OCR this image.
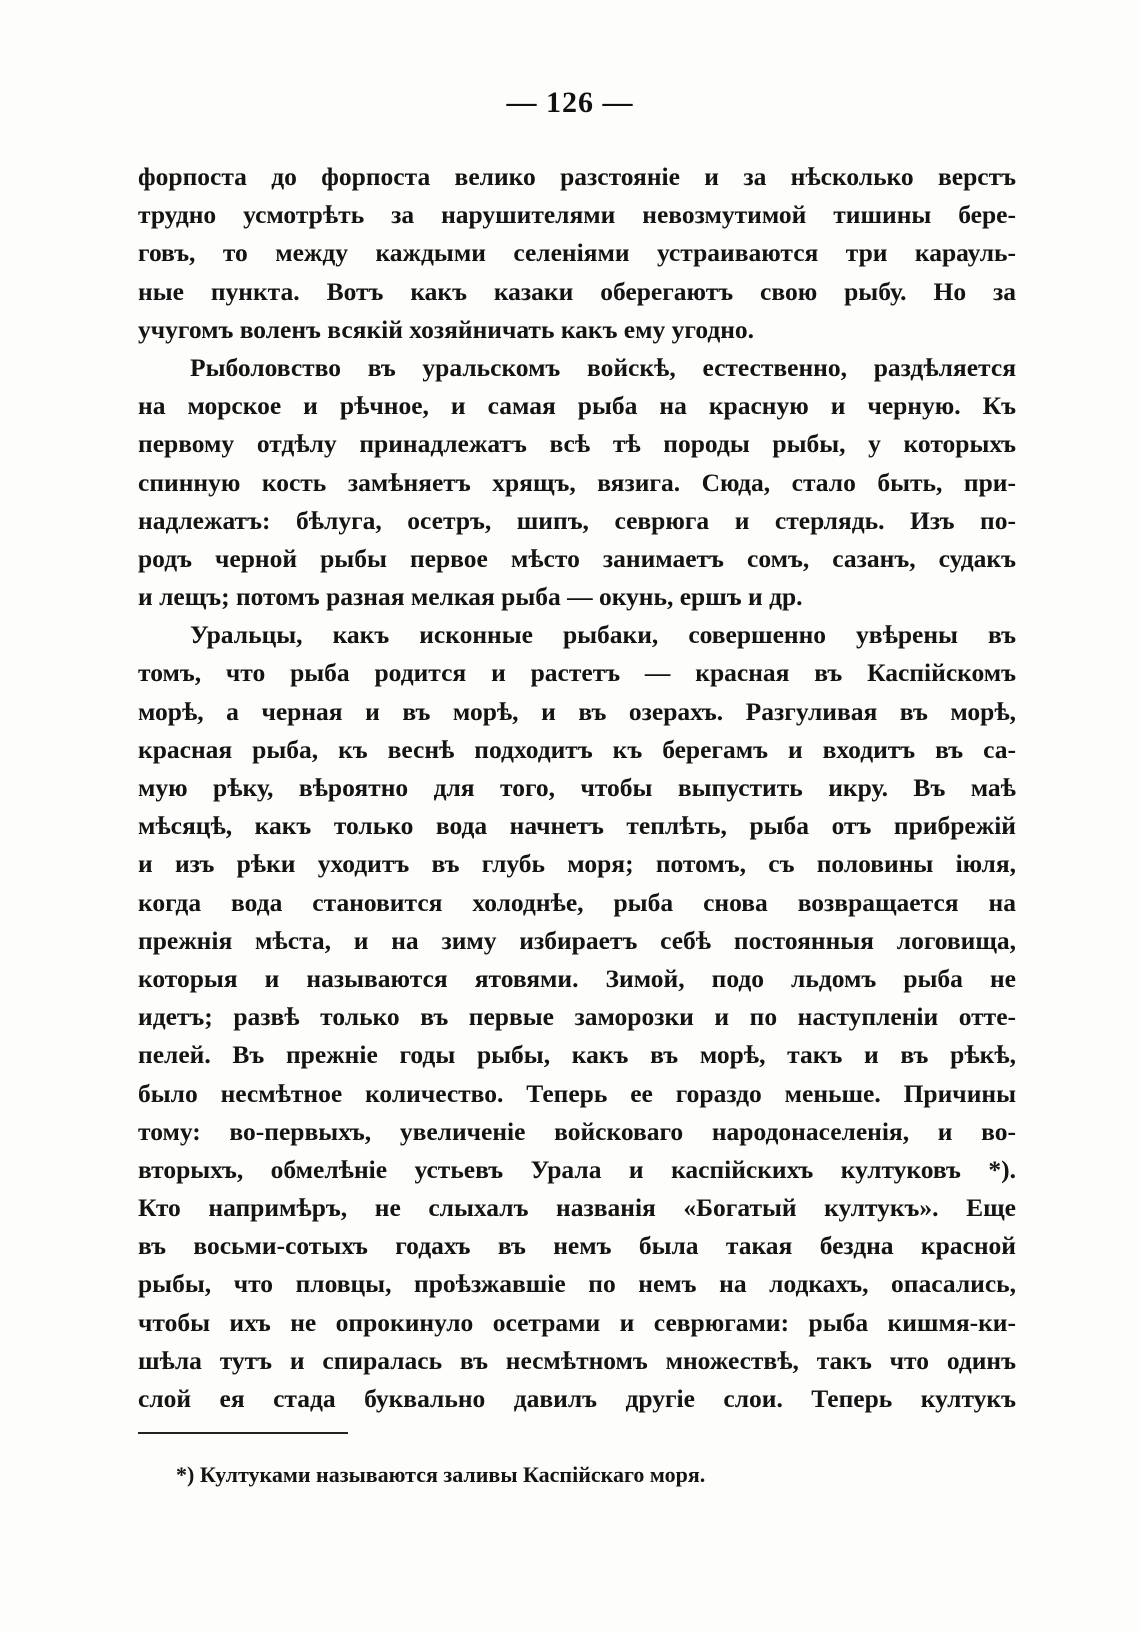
— 126 —
форпоста до форпоста велико разстоянiе и за нѣсколько верстъ
трудно усмотрѣть за нарушителями невозмутимой тишины бере-
говъ, то между каждыми селенiями устраиваются три карауль-
ные пункта. Вотъ какъ казаки оберегаютъ свою рыбу. Но за
учугомъ воленъ всякiй хозяйничать какъ ему угодно.
Рыболовство въ уральскомъ войскѣ, естественно, раздѣляется
на морское и рѣчное, и самая рыба на красную и черную. Къ
первому отдѣлу принадлежатъ всѣ тѣ породы рыбы, у которыхъ
спинную кость замѣняетъ хрящъ, вязига. Сюда, стало быть, при-
надлежатъ: бѣлуга, осетръ, шипъ, севрюга и стерлядь. Изъ по-
родъ черной рыбы первое мѣсто занимаетъ сомъ, сазанъ, судакъ
и лещъ; потомъ разная мелкая рыба — окунь, ершъ и др.
Уральцы, какъ исконные рыбаки, совершенно увѣрены въ
томъ, что рыба родится и растетъ — красная въ Каспiйскомъ
морѣ, а черная и въ морѣ, и въ озерахъ. Разгуливая въ морѣ,
красная рыба, къ веснѣ подходитъ къ берегамъ и входитъ въ са-
мую рѣку, вѣроятно для того, чтобы выпустить икру. Въ маѣ
мѣсяцѣ, какъ только вода начнетъ теплѣть, рыба отъ прибрежiй
и изъ рѣки уходитъ въ глубь моря; потомъ, съ половины iюля,
когда вода становится холоднѣе, рыба снова возвращается на
прежнiя мѣста, и на зиму избираетъ себѣ постоянныя логовища,
которыя и называются ятовями. Зимой, подо льдомъ рыба не
идетъ; развѣ только въ первые заморозки и по наступленiи отте-
пелей. Въ прежнiе годы рыбы, какъ въ морѣ, такъ и въ рѣкѣ,
было несмѣтное количество. Теперь ее гораздо меньше. Причины
тому: во-первыхъ, увеличенiе войсковаго народонаселенiя, и во-
вторыхъ, обмелѣнiе устьевъ Урала и каспiйскихъ култуковъ *).
Кто напримѣръ, не слыхалъ названiя «Богатый култукъ». Еще
въ восьми-сотыхъ годахъ въ немъ была такая бездна красной
рыбы, что пловцы, проѣзжавшiе по немъ на лодкахъ, опасались,
чтобы ихъ не опрокинуло осетрами и севрюгами: рыба кишмя-ки-
шѣла тутъ и спиралась въ несмѣтномъ множествѣ, такъ что одинъ
слой ея стада буквально давилъ другiе слои. Теперь култукъ
*) Култуками называются заливы Каспiйскаго моря.
